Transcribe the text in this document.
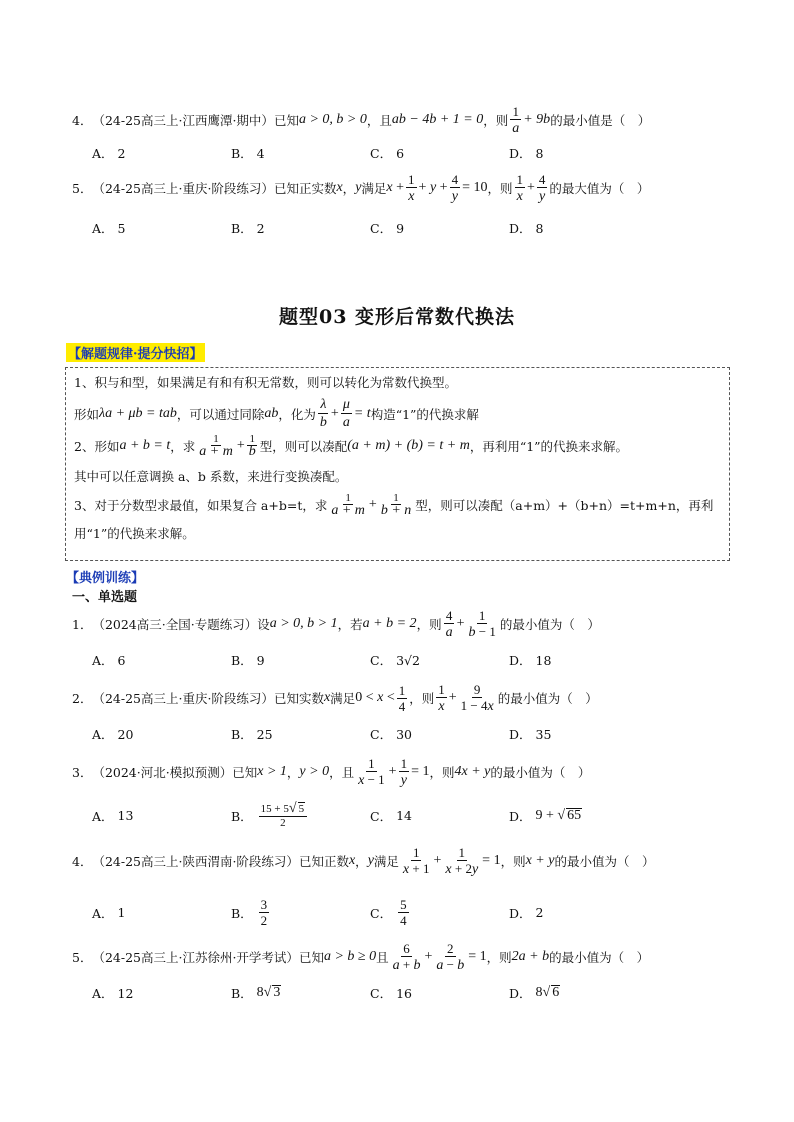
4． （24-25高三上·江西鹰潭·期中） 已知 a > 0, b > 0 ，且 ab − 4b + 1 = 0 ，则 $\frac{1}{a} + 9b$ 的最小值是（　）
A．
2	B．
4	C．
6	D．
8
5． （24-25高三上·重庆·阶段练习） 已知正实数 x ， y 满足 $x + \frac{1}{x} + y + \frac{4}{y} = 10$ ，则 $\frac{1}{x} + \frac{4}{y}$ 的最大值为（　）
A．
5	B．
2	C．
9	D．
8
题型03 变形后常数代换法
【解题规律·提分快招】
1、积与和型，如果满足有和有积无常数，则可以转化为常数代换型。
形如 λa + μb = tab ，可以通过同除 ab ，化为 $\frac{\lambda}{b} + \frac{\mu}{a} = t$ 构造“1”的代换求解
2、形如 a + b = t ，求 $\frac{1}{a + m} + \frac{1}{b}$ 型，则可以凑配 (a + m) + (b) = t + m ，再利用“1”的代换来求解。
其中可以任意调换 a、b 系数，来进行变换凑配。
3、对于分数型求最值，如果复合 a+b=t，求 $\frac{1}{a + m} + \frac{1}{b + n}$ 型，则可以凑配（a+m）+（b+n）=t+m+n，再利
用“1”的代换来求解。
【典例训练】
一、单选题
1． （2024高三·全国·专题练习） 设 a > 0, b > 1 ，若 a + b = 2 ，则 $\frac{4}{a} + \frac{1}{b - 1}$ 的最小值为（　）
A．
6	B．
9	C．
3√2	D．
18
2． （24-25高三上·重庆·阶段练习） 已知实数 x 满足 $0 < x < \frac{1}{4}$ ，则 $\frac{1}{x} + \frac{9}{1 - 4x}$ 的最小值为（　）
A．
20	B．
25	C．
30	D．
35
3． （2024·河北·模拟预测） 已知 x > 1 ， y > 0 ，且 $\frac{1}{x - 1} + \frac{1}{y} = 1$ ，则 4x + y 的最小值为（　）
A．
13	B．
$\frac{15 + 5√ 5}{2}$	C．
14	D．
9 + √ 65
4． （24-25高三上·陕西渭南·阶段练习） 已知正数 x ， y 满足 $\frac{1}{x + 1} + \frac{1}{x + 2y} = 1$ ，则 x + y 的最小值为（　）
A．
1	B．
$\frac{3}{2}$	C．
$\frac{5}{4}$	D．
2
5． （24-25高三上·江苏徐州·开学考试） 已知 a > b ≥ 0 且 $\frac{6}{a + b} + \frac{2}{a - b} = 1$ ，则 2a + b 的最小值为（　）
A．
12	B．
8√ 3	C．
16	D．
8√ 6
